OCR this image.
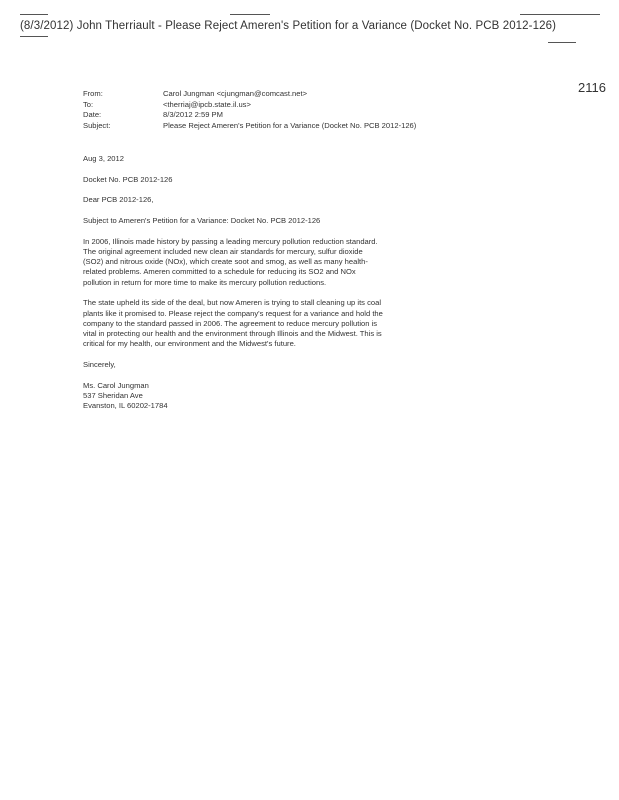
(8/3/2012) John Therriault - Please Reject Ameren's Petition for a Variance (Docket No. PCB 2012-126)
2116
From:	Carol Jungman <cjungman@comcast.net>
To:	<therriaj@ipcb.state.il.us>
Date:	8/3/2012 2:59 PM
Subject:	Please Reject Ameren's Petition for a Variance (Docket No. PCB 2012-126)

Aug 3, 2012

Docket No. PCB 2012-126

Dear PCB 2012-126,

Subject to Ameren's Petition for a Variance: Docket No. PCB 2012-126

In 2006, Illinois made history by passing a leading mercury pollution reduction standard. The original agreement included new clean air standards for mercury, sulfur dioxide (SO2) and nitrous oxide (NOx), which create soot and smog, as well as many health-related problems. Ameren committed to a schedule for reducing its SO2 and NOx pollution in return for more time to make its mercury pollution reductions.

The state upheld its side of the deal, but now Ameren is trying to stall cleaning up its coal plants like it promised to. Please reject the company's request for a variance and hold the company to the standard passed in 2006. The agreement to reduce mercury pollution is vital in protecting our health and the environment through Illinois and the Midwest. This is critical for my health, our environment and the Midwest's future.

Sincerely,

Ms. Carol Jungman
537 Sheridan Ave
Evanston, IL 60202-1784
